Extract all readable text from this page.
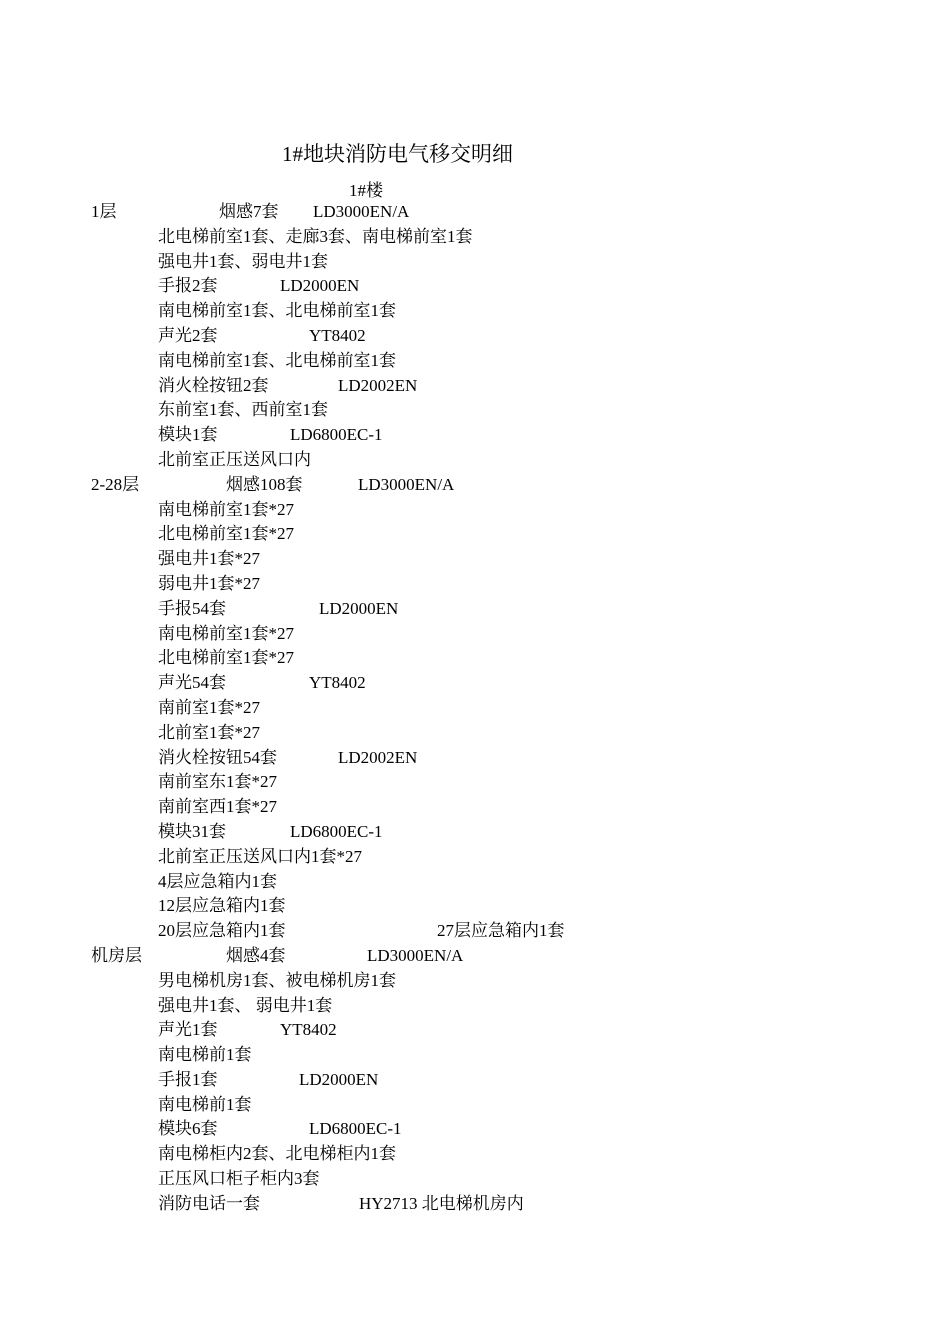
1#地块消防电气移交明细
1#楼
1层	烟感7套 LD3000EN/A
北电梯前室1套、走廊3套、南电梯前室1套
强电井1套、弱电井1套
手报2套	LD2000EN
南电梯前室1套、北电梯前室1套
声光2套	YT8402
南电梯前室1套、北电梯前室1套
消火栓按钮2套	LD2002EN
东前室1套、西前室1套
模块1套	LD6800EC-1
北前室正压送风口内
2-28层	烟感108套	LD3000EN/A
南电梯前室1套*27
北电梯前室1套*27
强电井1套*27
弱电井1套*27
手报54套	LD2000EN
南电梯前室1套*27
北电梯前室1套*27
声光54套	YT8402
南前室1套*27
北前室1套*27
消火栓按钮54套	LD2002EN
南前室东1套*27
南前室西1套*27
模块31套	LD6800EC-1
北前室正压送风口内1套*27
4层应急箱内1套
12层应急箱内1套
20层应急箱内1套	27层应急箱内1套
机房层	烟感4套	LD3000EN/A
男电梯机房1套、被电梯机房1套
强电井1套、 弱电井1套
声光1套	YT8402
南电梯前1套
手报1套	LD2000EN
南电梯前1套
模块6套	LD6800EC-1
南电梯柜内2套、北电梯柜内1套
正压风口柜子柜内3套
消防电话一套	HY2713 北电梯机房内
